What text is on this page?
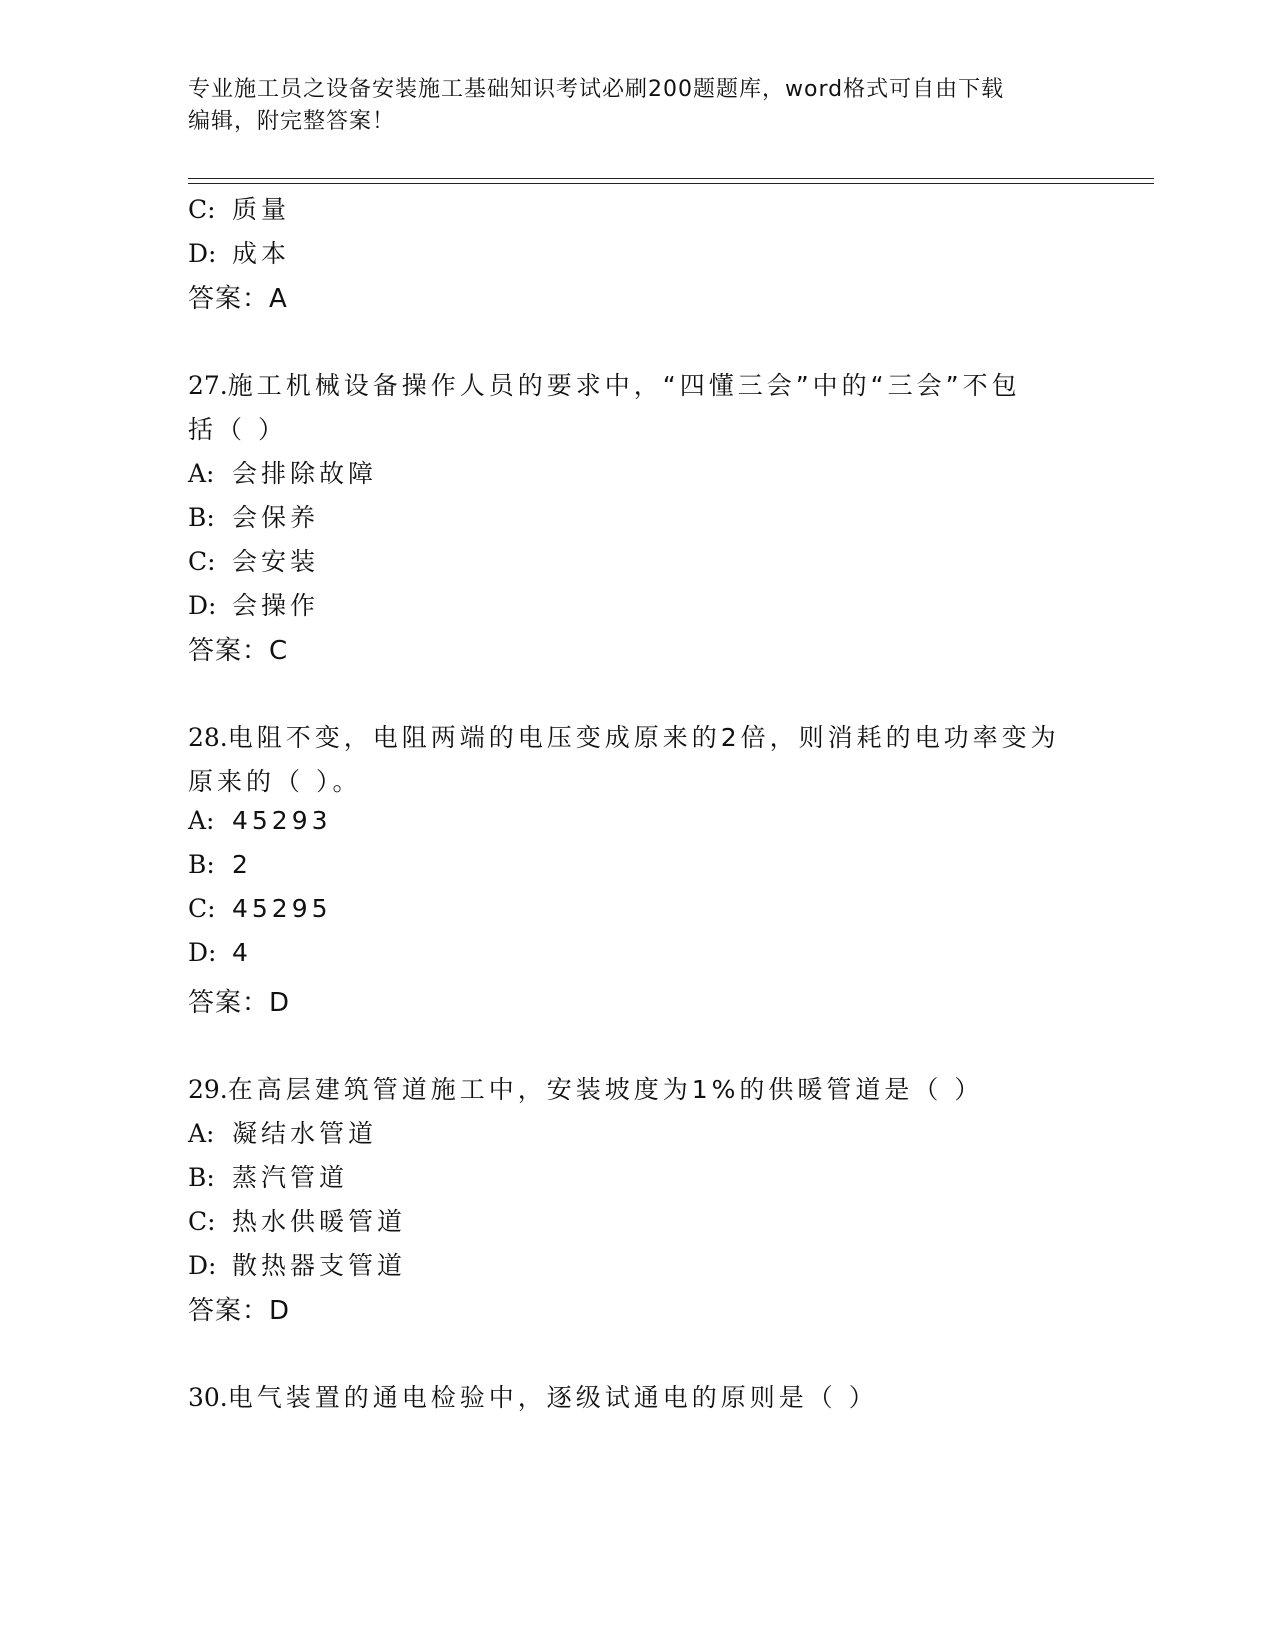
专业施工员之设备安装施工基础知识考试必刷200题题库，word格式可自由下载
编辑，附完整答案！
C: 质量
D: 成本
答案：A
27.施工机械设备操作人员的要求中，“四懂三会”中的“三会”不包
括（ ）
A: 会排除故障
B: 会保养
C: 会安装
D: 会操作
答案：C
28.电阻不变，电阻两端的电压变成原来的2倍，则消耗的电功率变为
原来的（ ）。
A: 45293
B: 2
C: 45295
D: 4
答案：D
29.在高层建筑管道施工中，安装坡度为1%的供暖管道是（ ）
A: 凝结水管道
B: 蒸汽管道
C: 热水供暖管道
D: 散热器支管道
答案：D
30.电气装置的通电检验中，逐级试通电的原则是（ ）
